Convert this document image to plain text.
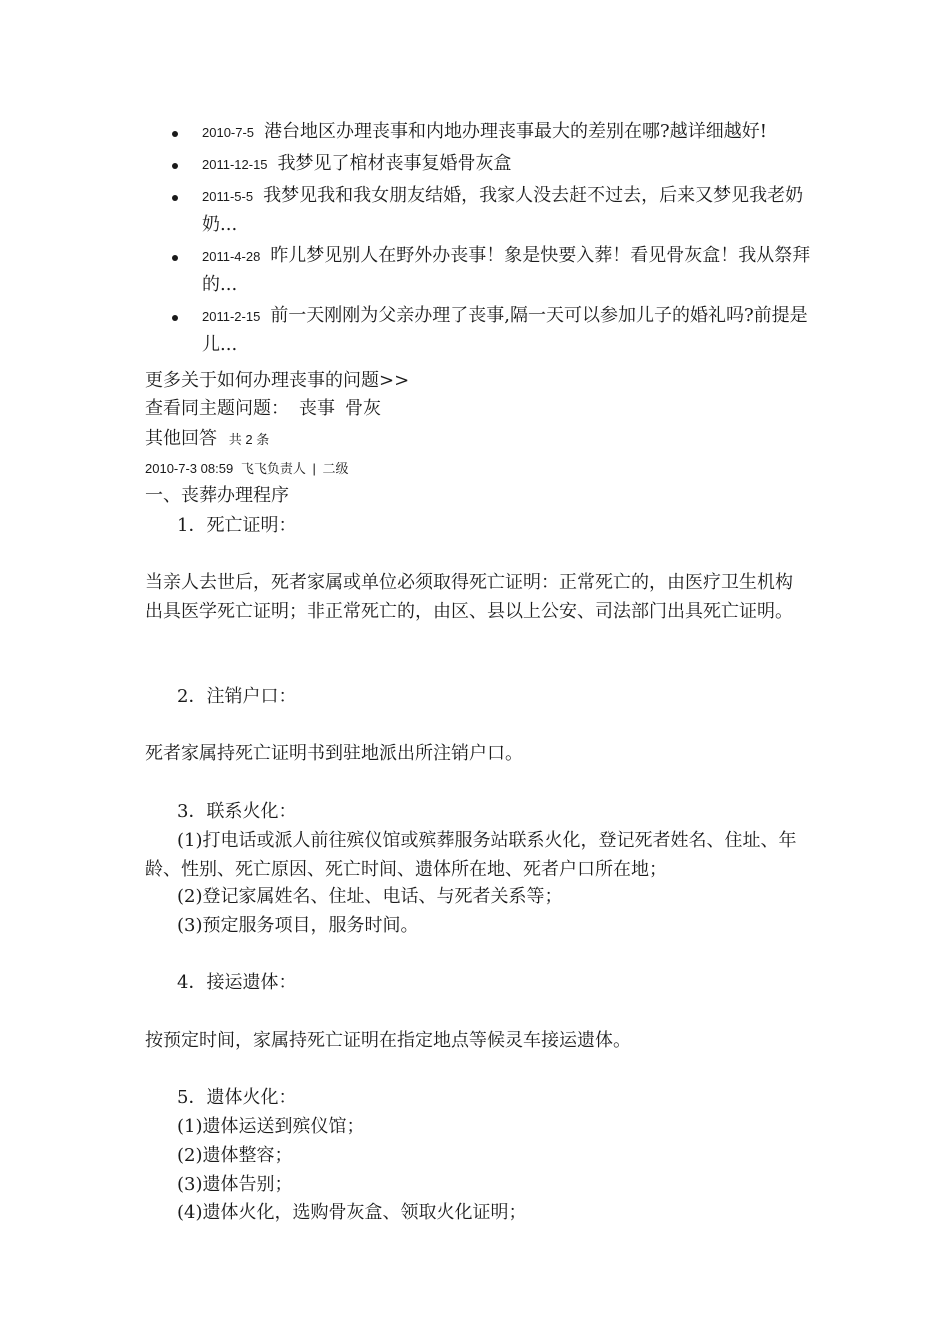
2010-7-5 港台地区办理丧事和内地办理丧事最大的差别在哪?越详细越好!
2011-12-15 我梦见了棺材丧事复婚骨灰盒
2011-5-5 我梦见我和我女朋友结婚，我家人没去赶不过去，后来又梦见我老奶奶...
2011-4-28 昨儿梦见别人在野外办丧事！象是快要入葬！看见骨灰盒！我从祭拜的...
2011-2-15 前一天刚刚为父亲办理了丧事,隔一天可以参加儿子的婚礼吗?前提是儿...
更多关于如何办理丧事的问题>>
查看同主题问题： 丧事 骨灰
其他回答 共 2 条
2010-7-3 08:59 飞飞负责人 | 二级
一、丧葬办理程序
1．死亡证明：
当亲人去世后，死者家属或单位必须取得死亡证明：正常死亡的，由医疗卫生机构出具医学死亡证明；非正常死亡的，由区、县以上公安、司法部门出具死亡证明。
2．注销户口：
死者家属持死亡证明书到驻地派出所注销户口。
3．联系火化：
(1)打电话或派人前往殡仪馆或殡葬服务站联系火化，登记死者姓名、住址、年龄、性别、死亡原因、死亡时间、遗体所在地、死者户口所在地；
(2)登记家属姓名、住址、电话、与死者关系等；
(3)预定服务项目，服务时间。
4．接运遗体：
按预定时间，家属持死亡证明在指定地点等候灵车接运遗体。
5．遗体火化：
(1)遗体运送到殡仪馆；
(2)遗体整容；
(3)遗体告别；
(4)遗体火化，选购骨灰盒、领取火化证明；
